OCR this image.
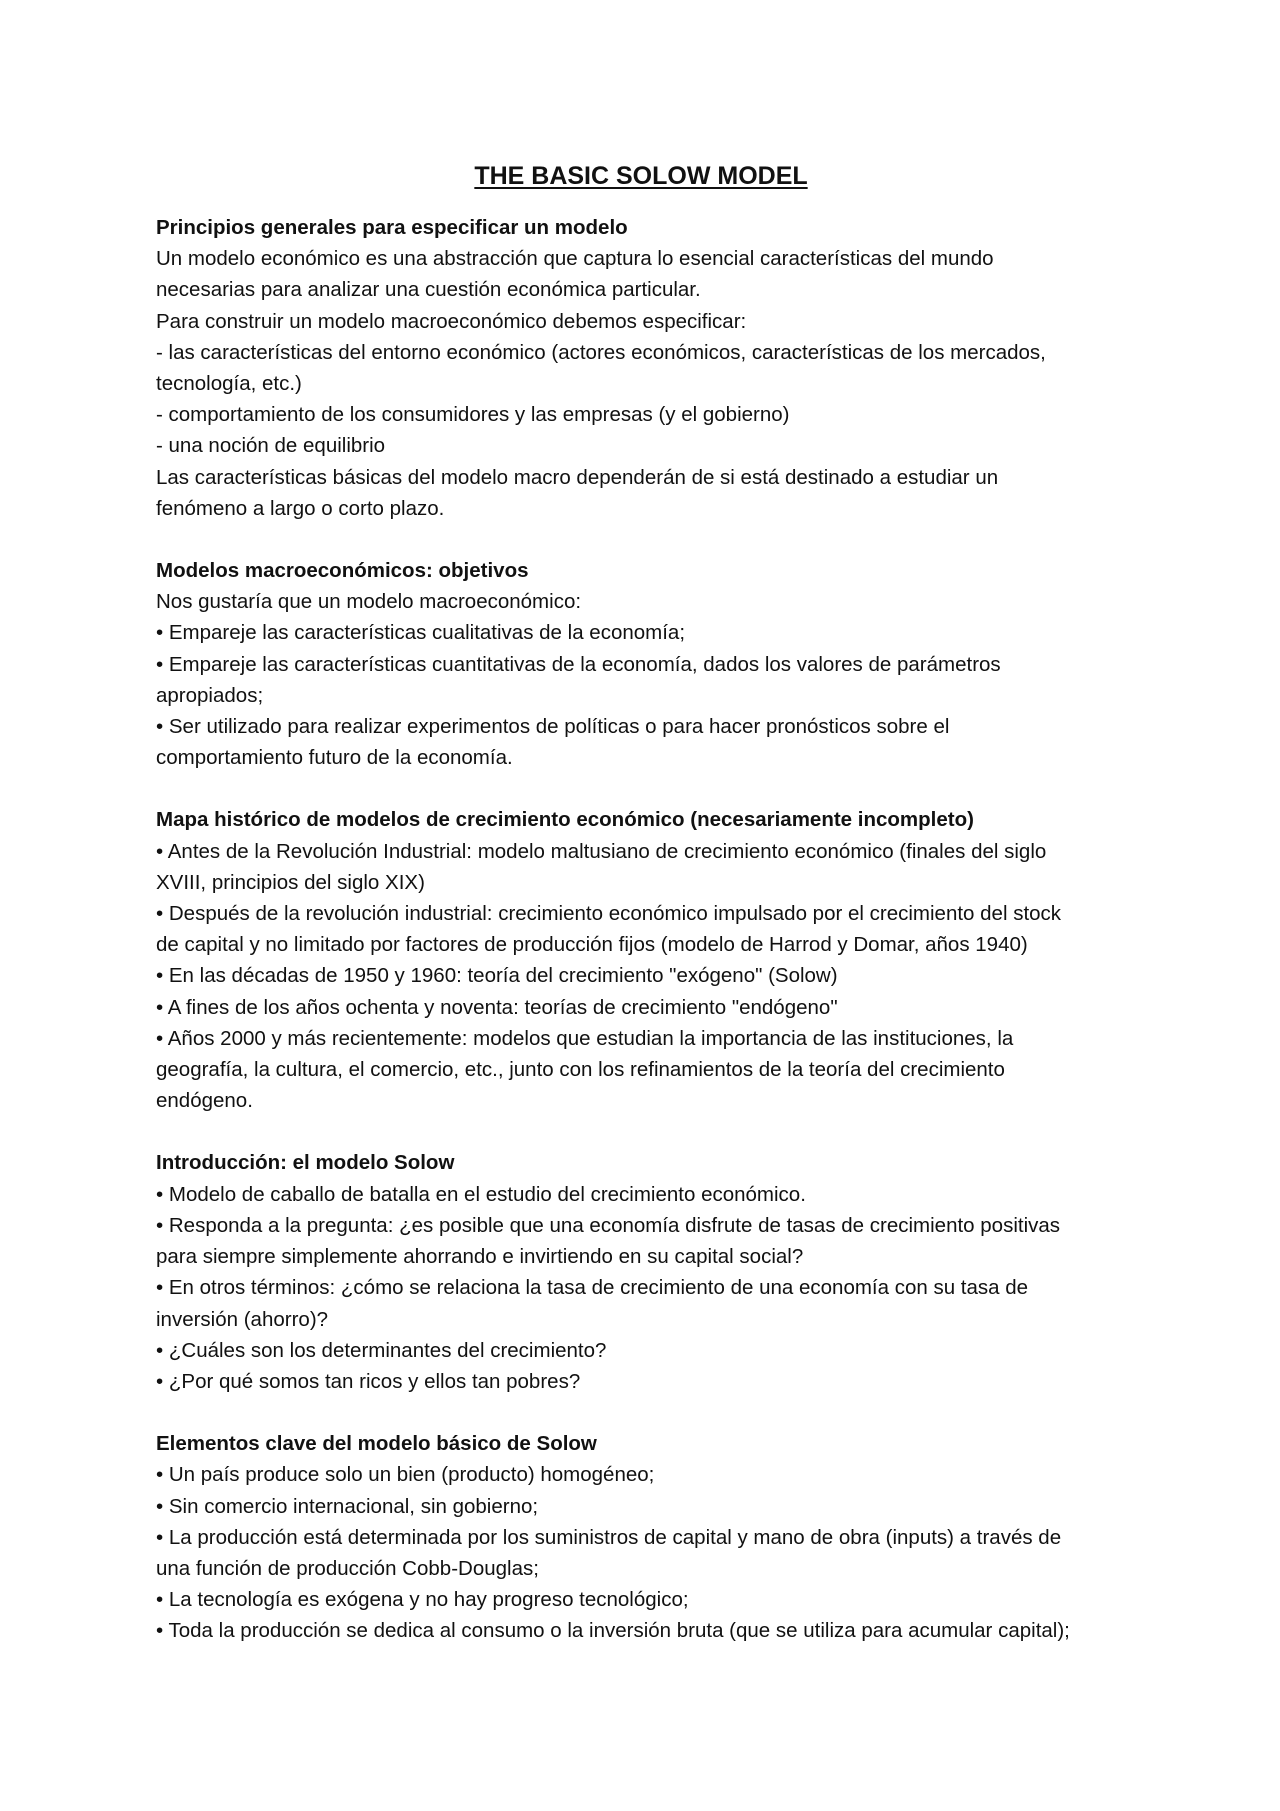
THE BASIC SOLOW MODEL

Principios generales para especificar un modelo

Un modelo económico es una abstracción que captura lo esencial características del mundo

necesarias para analizar una cuestión económica particular.

Para construir un modelo macroeconómico debemos especificar:

- las características del entorno económico (actores económicos, características de los mercados,

tecnología, etc.)

- comportamiento de los consumidores y las empresas (y el gobierno)

- una noción de equilibrio

Las características básicas del modelo macro dependerán de si está destinado a estudiar un

fenómeno a largo o corto plazo.

Modelos macroeconómicos: objetivos

Nos gustaría que un modelo macroeconómico:

• Empareje las características cualitativas de la economía;

• Empareje las características cuantitativas de la economía, dados los valores de parámetros

apropiados;

• Ser utilizado para realizar experimentos de políticas o para hacer pronósticos sobre el

comportamiento futuro de la economía.

Mapa histórico de modelos de crecimiento económico (necesariamente incompleto)

• Antes de la Revolución Industrial: modelo maltusiano de crecimiento económico (finales del siglo

XVIII, principios del siglo XIX)

• Después de la revolución industrial: crecimiento económico impulsado por el crecimiento del stock

de capital y no limitado por factores de producción fijos (modelo de Harrod y Domar, años 1940)

• En las décadas de 1950 y 1960: teoría del crecimiento "exógeno" (Solow)

• A fines de los años ochenta y noventa: teorías de crecimiento "endógeno"

• Años 2000 y más recientemente: modelos que estudian la importancia de las instituciones, la

geografía, la cultura, el comercio, etc., junto con los refinamientos de la teoría del crecimiento

endógeno.

Introducción: el modelo Solow

• Modelo de caballo de batalla en el estudio del crecimiento económico.

• Responda a la pregunta: ¿es posible que una economía disfrute de tasas de crecimiento positivas

para siempre simplemente ahorrando e invirtiendo en su capital social?

• En otros términos: ¿cómo se relaciona la tasa de crecimiento de una economía con su tasa de

inversión (ahorro)?

• ¿Cuáles son los determinantes del crecimiento?

• ¿Por qué somos tan ricos y ellos tan pobres?

Elementos clave del modelo básico de Solow

• Un país produce solo un bien (producto) homogéneo;

• Sin comercio internacional, sin gobierno;

• La producción está determinada por los suministros de capital y mano de obra (inputs) a través de

una función de producción Cobb-Douglas;

• La tecnología es exógena y no hay progreso tecnológico;

• Toda la producción se dedica al consumo o la inversión bruta (que se utiliza para acumular capital);
